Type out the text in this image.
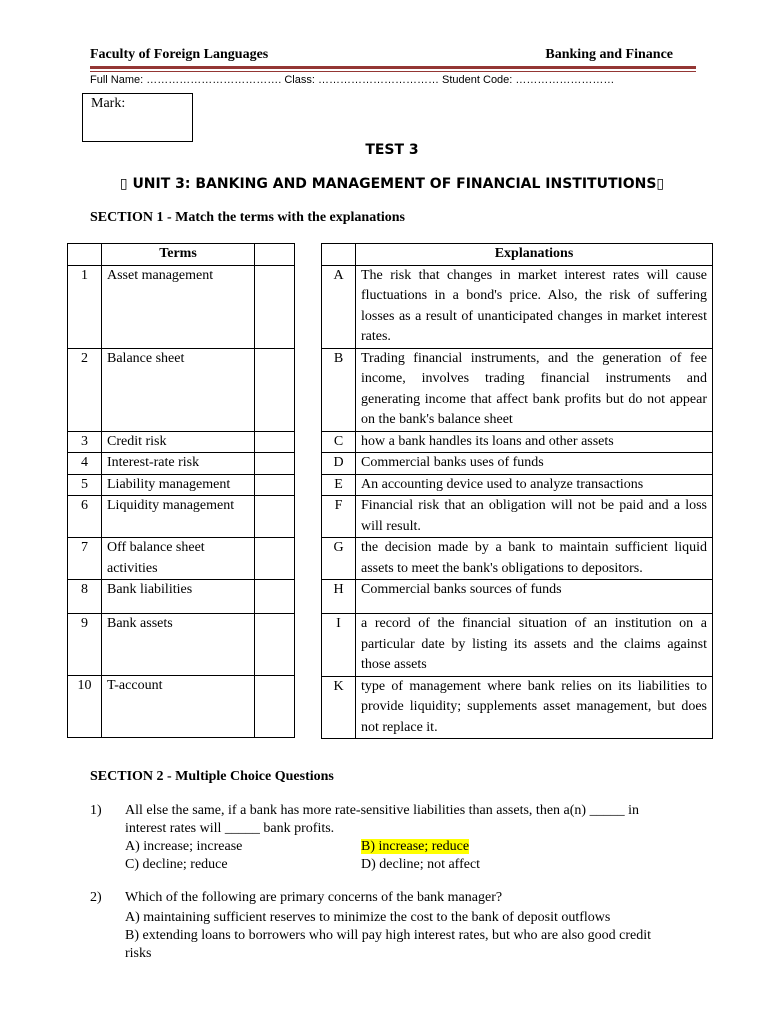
Faculty of Foreign Languages	Banking and Finance
Full Name: ………………………………. Class: …………………………… Student Code: ………………………
Mark:
TEST 3
▯ UNIT 3: BANKING AND MANAGEMENT OF FINANCIAL INSTITUTIONS▯
SECTION 1 - Match the terms with the explanations
	Terms	
1	Asset management	
2	Balance sheet	
3	Credit risk	
4	Interest-rate risk	
5	Liability management	
6	Liquidity management	
7	Off balance sheet activities	
8	Bank liabilities	
9	Bank assets	
10	T-account	
	Explanations
A	The risk that changes in market interest rates will cause fluctuations in a bond's price. Also, the risk of suffering losses as a result of unanticipated changes in market interest rates.
B	Trading financial instruments, and the generation of fee income, involves trading financial instruments and generating income that affect bank profits but do not appear on the bank's balance sheet
C	how a bank handles its loans and other assets
D	Commercial banks uses of funds
E	An accounting device used to analyze transactions
F	Financial risk that an obligation will not be paid and a loss will result.
G	the decision made by a bank to maintain sufficient liquid assets to meet the bank's obligations to depositors.
H	Commercial banks sources of funds
I	a record of the financial situation of an institution on a particular date by listing its assets and the claims against those assets
K	type of management where bank relies on its liabilities to provide liquidity; supplements asset management, but does not replace it.
SECTION 2 - Multiple Choice Questions
1) All else the same, if a bank has more rate-sensitive liabilities than assets, then a(n) _____ in
interest rates will _____ bank profits.
A) increase; increase	B) increase; reduce
C) decline; reduce	D) decline; not affect
2) Which of the following are primary concerns of the bank manager?
A) maintaining sufficient reserves to minimize the cost to the bank of deposit outflows
B) extending loans to borrowers who will pay high interest rates, but who are also good credit
risks
